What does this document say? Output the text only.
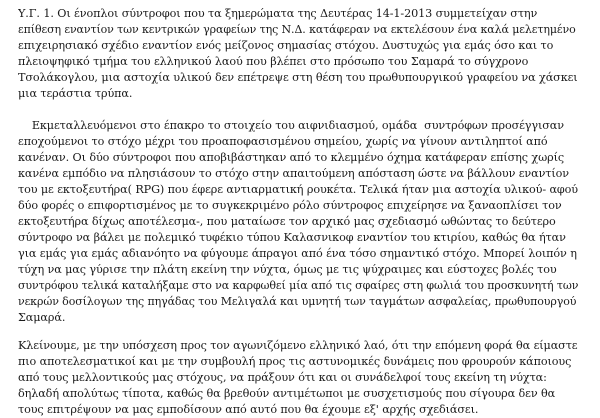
Υ.Γ. 1. Οι ένοπλοι σύντροφοι που τα ξημερώματα της Δευτέρας 14-1-2013 συμμετείχαν στην
επίθεση εναντίον των κεντρικών γραφείων της Ν.Δ. κατάφεραν να εκτελέσουν ένα καλά μελετημένο
επιχειρησιακό σχέδιο εναντίον ενός μείζονος σημασίας στόχου. Δυστυχώς για εμάς όσο και το
πλειοψηφικό τμήμα του ελληνικού λαού που βλέπει στο πρόσωπο του Σαμαρά το σύγχρονο
Τσολάκογλου, μια αστοχία υλικού δεν επέτρεψε στη θέση του πρωθυπουργικού γραφείου να χάσκει
μια τεράστια τρύπα.

Εκμεταλλευόμενοι στο έπακρο το στοιχείο του αιφνιδιασμού, ομάδα  συντρόφων προσέγγισαν
εποχούμενοι το στόχο μέχρι του προαποφασισμένου σημείου, χωρίς να γίνουν αντιληπτοί από
κανέναν. Οι δύο σύντροφοι που αποβιβάστηκαν από το κλεμμένο όχημα κατάφεραν επίσης χωρίς
κανένα εμπόδιο να πλησιάσουν το στόχο στην απαιτούμενη απόσταση ώστε να βάλλουν εναντίον
του με εκτοξευτήρα( RPG) που έφερε αντιαρματική ρουκέτα. Τελικά ήταν μια αστοχία υλικού- αφού
δύο φορές ο επιφορτισμένος με το συγκεκριμένο ρόλο σύντροφος επιχείρησε να ξαναοπλίσει τον
εκτοξευτήρα δίχως αποτέλεσμα-, που ματαίωσε τον αρχικό μας σχεδιασμό ωθώντας το δεύτερο
σύντροφο να βάλει με πολεμικό τυφέκιο τύπου Καλασνικοφ εναντίον του κτιρίου, καθώς θα ήταν
για εμάς για εμάς αδιανόητο να φύγουμε άπραγοι από ένα τόσο σημαντικό στόχο. Μπορεί λοιπόν η
τύχη να μας γύρισε την πλάτη εκείνη την νύχτα, όμως με τις ψύχραιμες και εύστοχες βολές του
συντρόφου τελικά καταλήξαμε στο να καρφωθεί μία από τις σφαίρες στη φωλιά του προσκυνητή των
νεκρών δοσίλογων της πηγάδας του Μελιγαλά και υμνητή των ταγμάτων ασφαλείας, πρωθυπουργού
Σαμαρά.

Κλείνουμε, με την υπόσχεση προς τον αγωνιζόμενο ελληνικό λαό, ότι την επόμενη φορά θα είμαστε
πιο αποτελεσματικοί και με την συμβουλή προς τις αστυνομικές δυνάμεις που φρουρούν κάποιους
από τους μελλοντικούς μας στόχους, να πράξουν ότι και οι συνάδελφοί τους εκείνη τη νύχτα:
δηλαδή απολύτως τίποτα, καθώς θα βρεθούν αντιμέτωποι με συσχετισμούς που σίγουρα δεν θα
τους επιτρέψουν να μας εμποδίσουν από αυτό που θα έχουμε εξ' αρχής σχεδιάσει.
